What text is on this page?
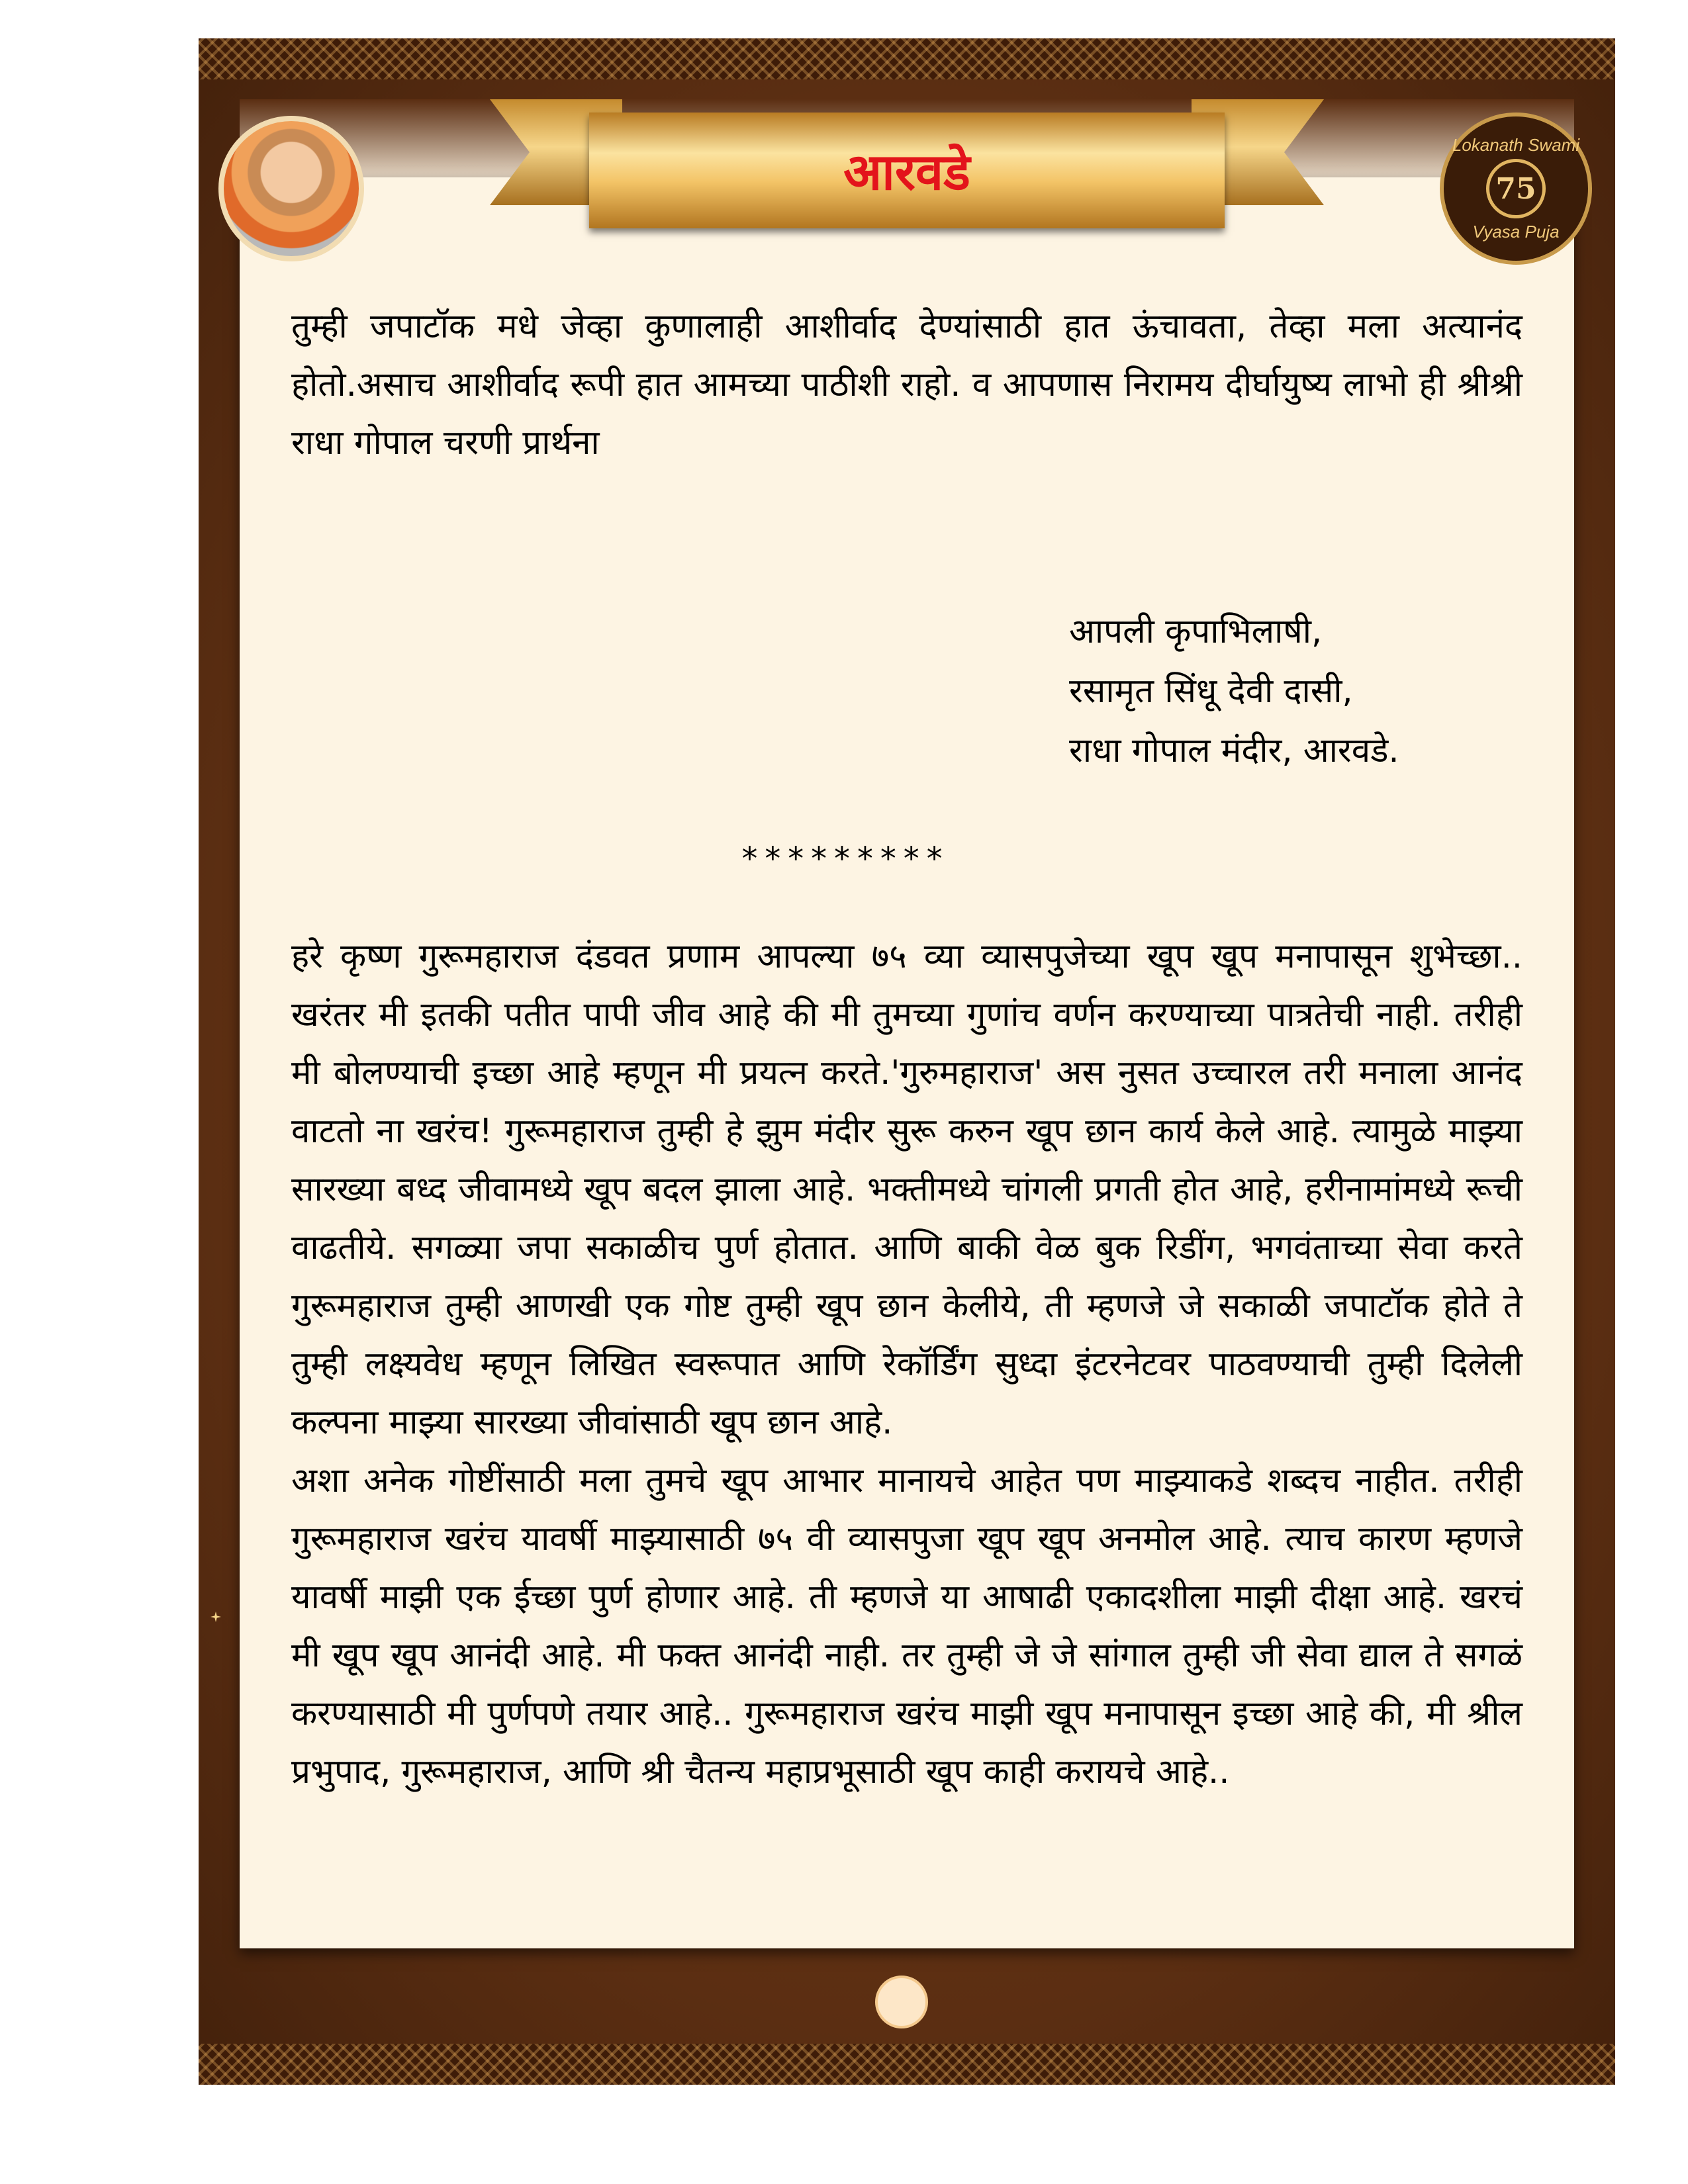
Lokanath Swami
75
Vyasa Puja
आरवडे
तुम्ही जपाटॉक मधे जेव्हा कुणालाही आशीर्वाद देण्यांसाठी हात ऊंचावता, तेव्हा मला अत्यानंद होतो.असाच आशीर्वाद रूपी हात आमच्या पाठीशी राहो. व आपणास निरामय दीर्घायुष्य लाभो ही श्रीश्री राधा गोपाल चरणी प्रार्थना
आपली कृपाभिलाषी,
रसामृत सिंधू देवी दासी,
राधा गोपाल मंदीर, आरवडे.
*********

हरे कृष्ण गुरूमहाराज दंडवत प्रणाम आपल्या ७५ व्या व्यासपुजेच्या खूप खूप मनापासून शुभेच्छा.. खरंतर मी इतकी पतीत पापी जीव आहे की मी तुमच्या गुणांच वर्णन करण्याच्या पात्रतेची नाही. तरीही मी बोलण्याची इच्छा आहे म्हणून मी प्रयत्न करते.'गुरुमहाराज' अस नुसत उच्चारल तरी मनाला आनंद वाटतो ना खरंच! गुरूमहाराज तुम्ही हे झुम मंदीर सुरू करुन खूप छान कार्य केले आहे. त्यामुळे माझ्या सारख्या बध्द जीवामध्ये खूप बदल झाला आहे. भक्तीमध्ये चांगली प्रगती होत आहे, हरीनामांमध्ये रूची वाढतीये. सगळ्या जपा सकाळीच पुर्ण होतात. आणि बाकी वेळ बुक रिडींग, भगवंताच्या सेवा करते गुरूमहाराज तुम्ही आणखी एक गोष्ट तुम्ही खूप छान केलीये, ती म्हणजे जे सकाळी जपाटॉक होते ते तुम्ही लक्ष्यवेध म्हणून लिखित स्वरूपात आणि रेकॉर्डिंग सुध्दा इंटरनेटवर पाठवण्याची तुम्ही दिलेली कल्पना माझ्या सारख्या जीवांसाठी खूप छान आहे.

अशा अनेक गोष्टींसाठी मला तुमचे खूप आभार मानायचे आहेत पण माझ्याकडे शब्दच नाहीत. तरीही गुरूमहाराज खरंच यावर्षी माझ्यासाठी ७५ वी व्यासपुजा खूप खूप अनमोल आहे. त्याच कारण म्हणजे यावर्षी माझी एक ईच्छा पुर्ण होणार आहे. ती म्हणजे या आषाढी एकादशीला माझी दीक्षा आहे. खरचं मी खूप खूप आनंदी आहे. मी फक्त आनंदी नाही. तर तुम्ही जे जे सांगाल तुम्ही जी सेवा द्याल ते सगळं करण्यासाठी मी पुर्णपणे तयार आहे.. गुरूमहाराज खरंच माझी खूप मनापासून इच्छा आहे की, मी श्रील प्रभुपाद, गुरूमहाराज, आणि श्री चैतन्य महाप्रभूसाठी खूप काही करायचे आहे..
